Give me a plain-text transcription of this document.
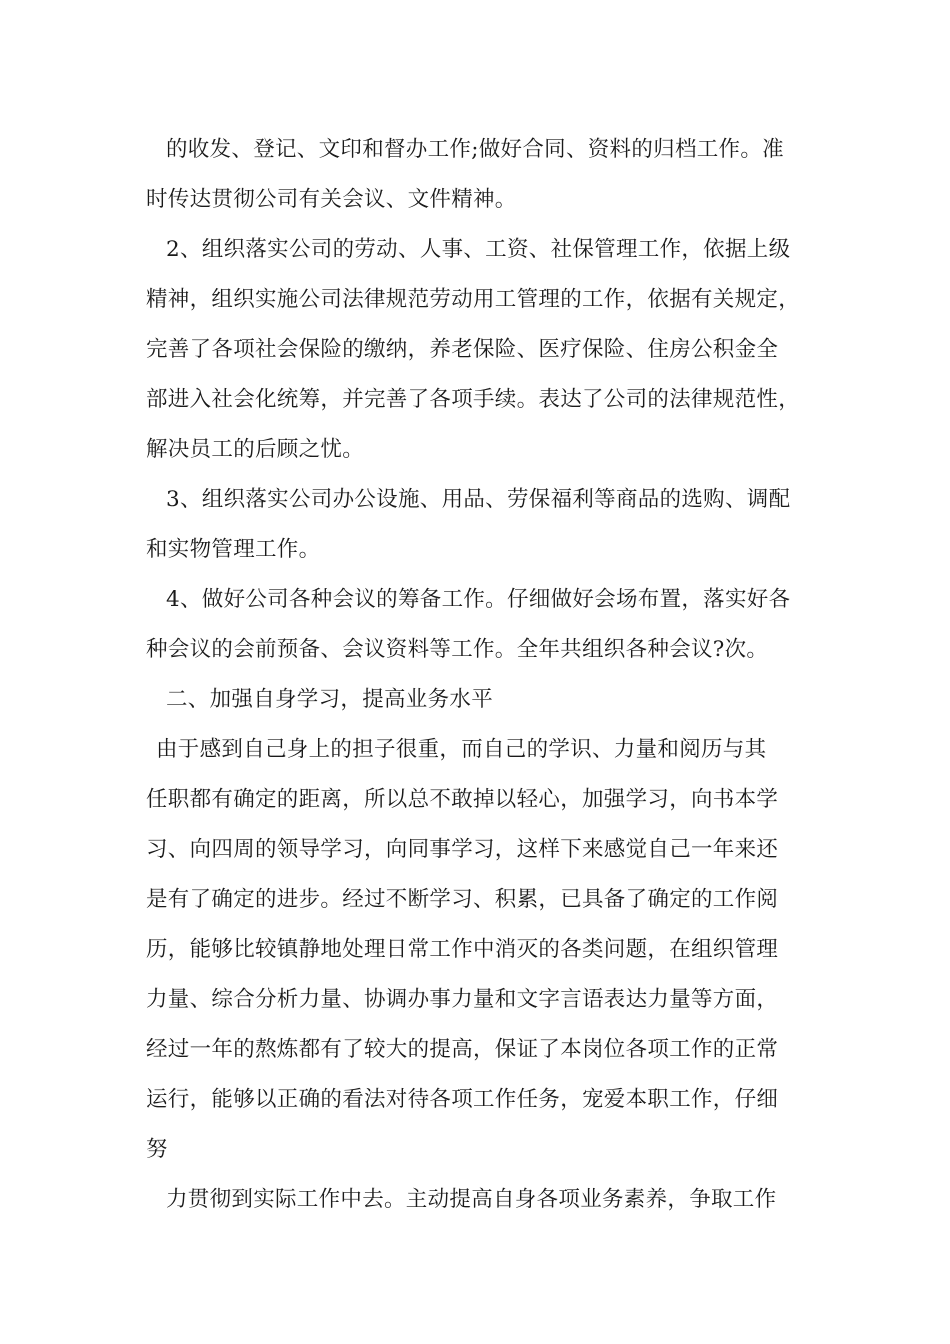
的收发、登记、文印和督办工作;做好合同、资料的归档工作。准
时传达贯彻公司有关会议、文件精神。
2、组织落实公司的劳动、人事、工资、社保管理工作，依据上级
精神，组织实施公司法律规范劳动用工管理的工作，依据有关规定，
完善了各项社会保险的缴纳，养老保险、医疗保险、住房公积金全
部进入社会化统筹，并完善了各项手续。表达了公司的法律规范性，
解决员工的后顾之忧。
3、组织落实公司办公设施、用品、劳保福利等商品的选购、调配
和实物管理工作。
4、做好公司各种会议的筹备工作。仔细做好会场布置，落实好各
种会议的会前预备、会议资料等工作。全年共组织各种会议?次。
二、加强自身学习，提高业务水平
由于感到自己身上的担子很重，而自己的学识、力量和阅历与其
任职都有确定的距离，所以总不敢掉以轻心，加强学习，向书本学
习、向四周的领导学习，向同事学习，这样下来感觉自己一年来还
是有了确定的进步。经过不断学习、积累，已具备了确定的工作阅
历，能够比较镇静地处理日常工作中消灭的各类问题，在组织管理
力量、综合分析力量、协调办事力量和文字言语表达力量等方面，
经过一年的熬炼都有了较大的提高，保证了本岗位各项工作的正常
运行，能够以正确的看法对待各项工作任务，宠爱本职工作，仔细
努
力贯彻到实际工作中去。主动提高自身各项业务素养，争取工作
